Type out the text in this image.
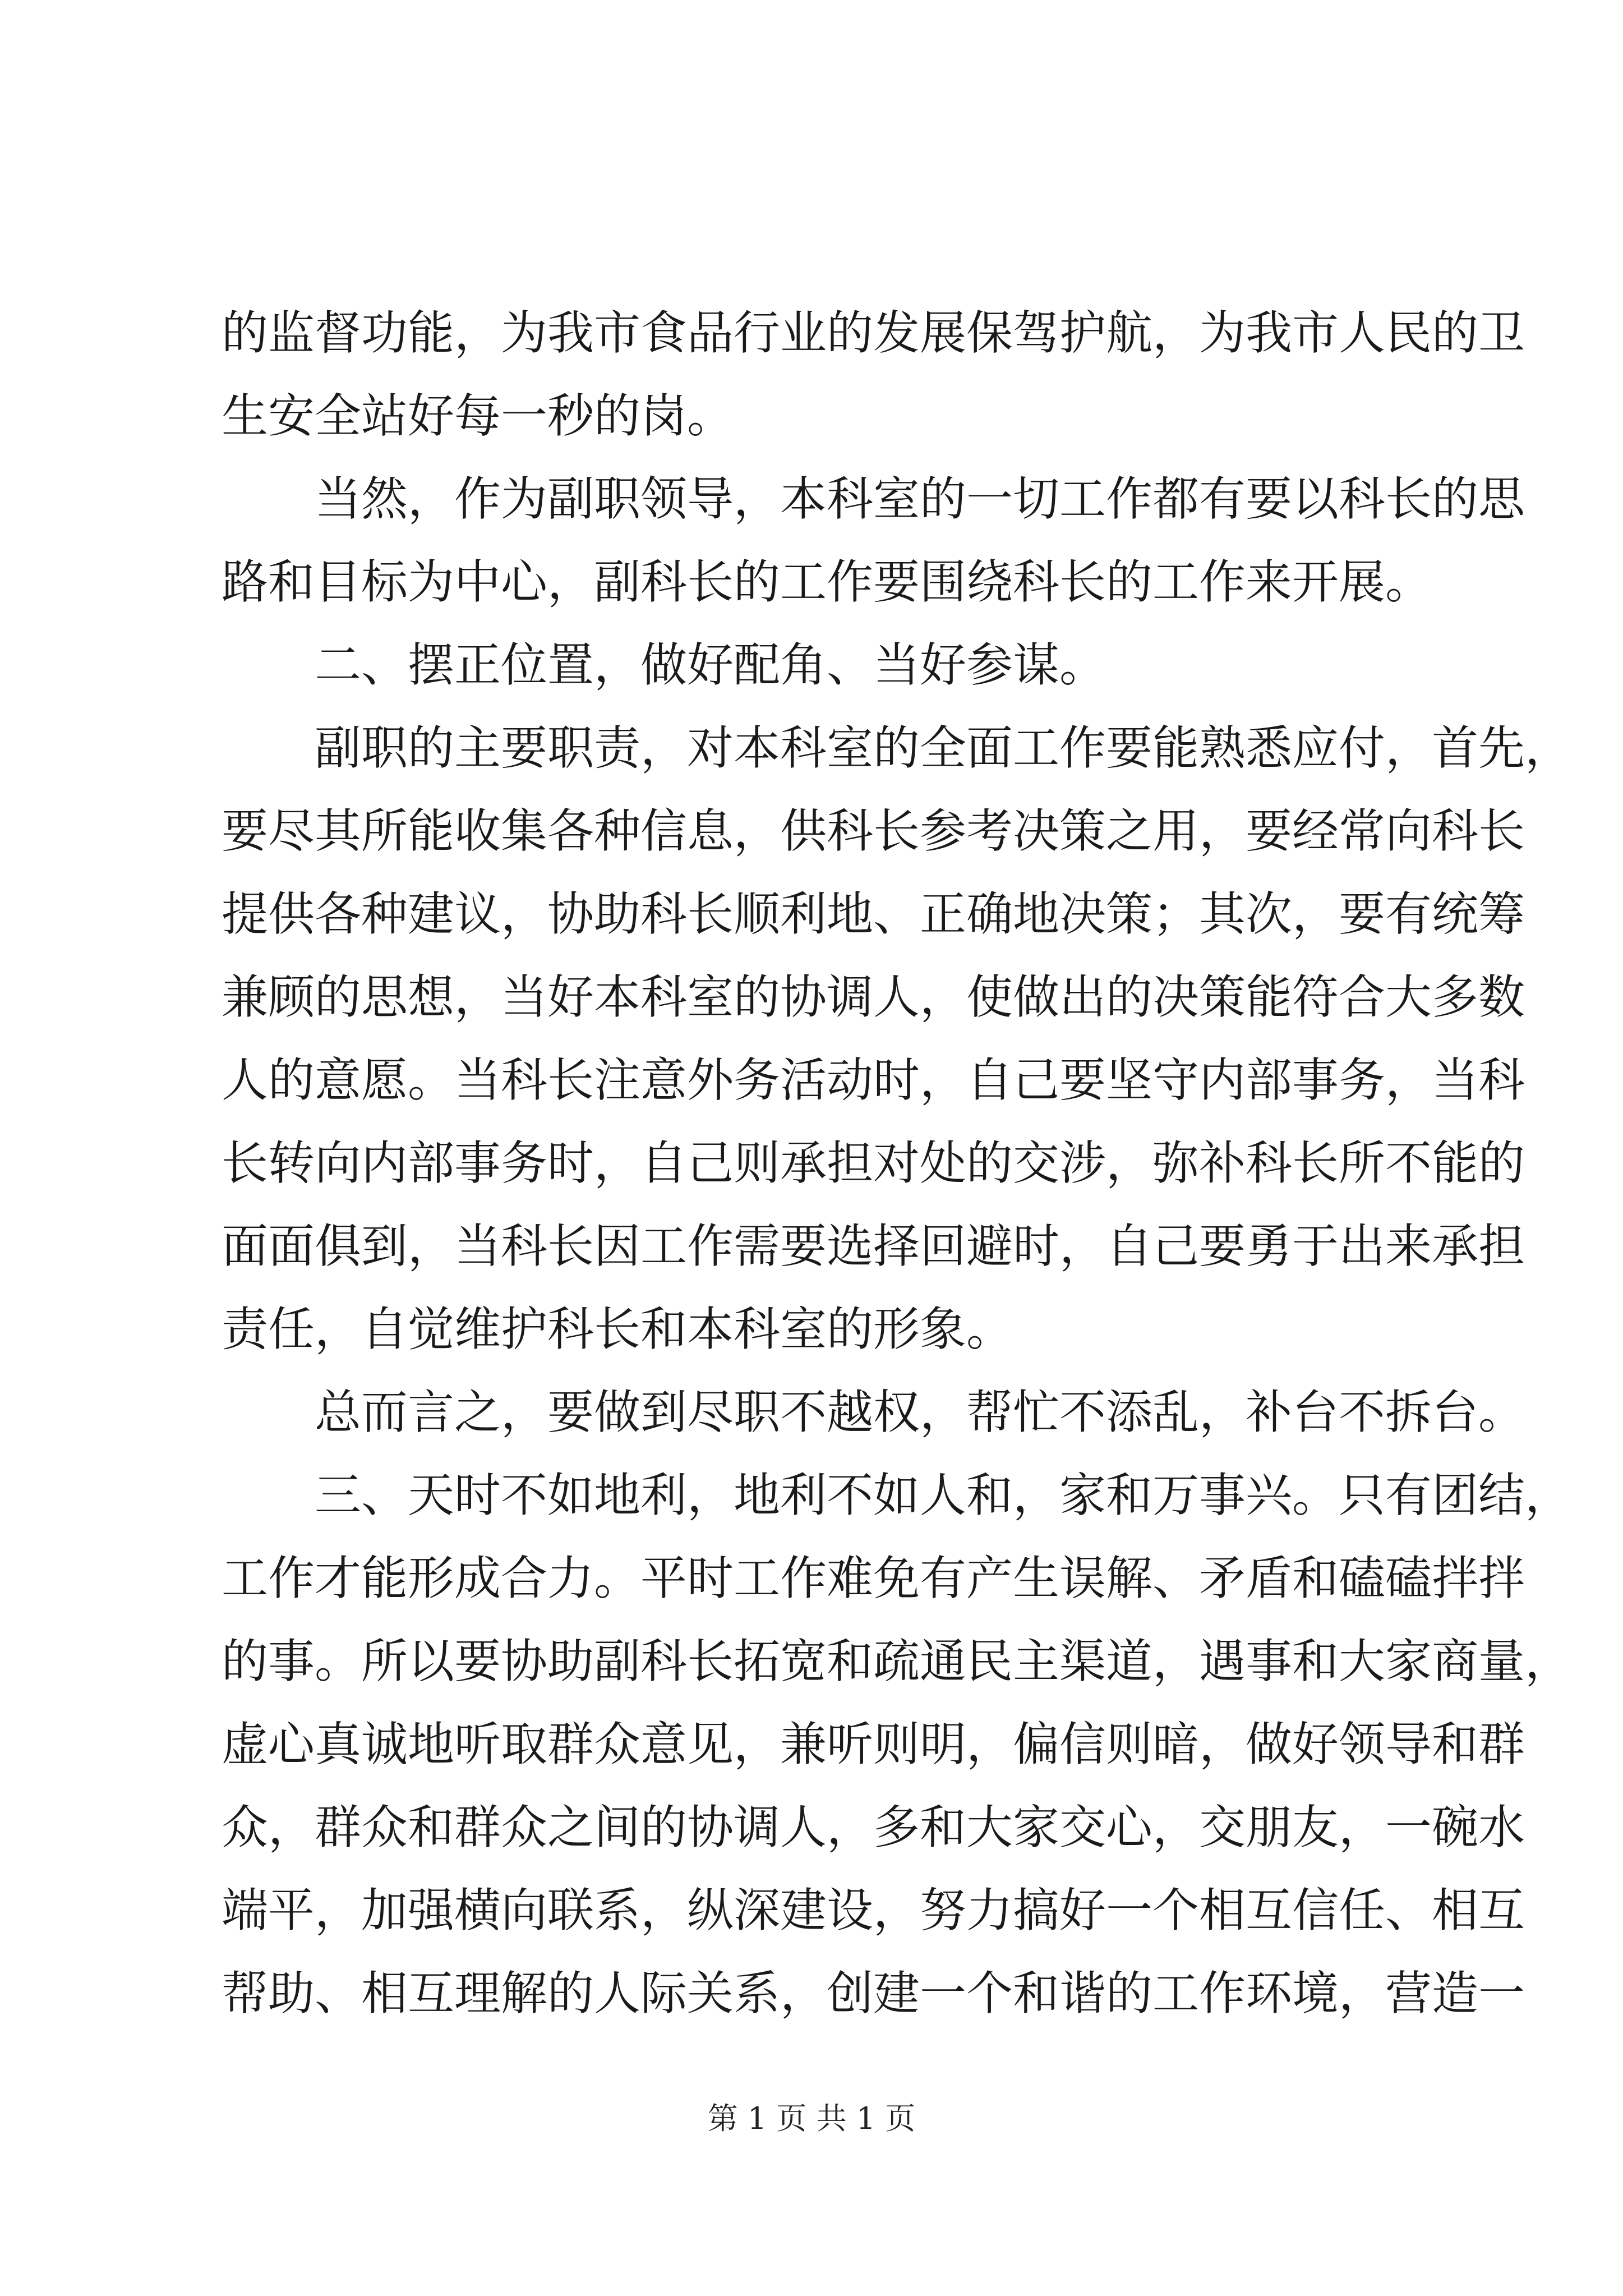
的监督功能，为我市食品行业的发展保驾护航，为我市人民的卫
生安全站好每一秒的岗。
当然，作为副职领导，本科室的一切工作都有要以科长的思
路和目标为中心，副科长的工作要围绕科长的工作来开展。
二、摆正位置，做好配角、当好参谋。
副职的主要职责，对本科室的全面工作要能熟悉应付，首先，
要尽其所能收集各种信息，供科长参考决策之用，要经常向科长
提供各种建议，协助科长顺利地、正确地决策；其次，要有统筹
兼顾的思想，当好本科室的协调人，使做出的决策能符合大多数
人的意愿。当科长注意外务活动时，自己要坚守内部事务，当科
长转向内部事务时，自己则承担对处的交涉，弥补科长所不能的
面面俱到，当科长因工作需要选择回避时，自己要勇于出来承担
责任，自觉维护科长和本科室的形象。
总而言之，要做到尽职不越权，帮忙不添乱，补台不拆台。
三、天时不如地利，地利不如人和，家和万事兴。只有团结，
工作才能形成合力。平时工作难免有产生误解、矛盾和磕磕拌拌
的事。所以要协助副科长拓宽和疏通民主渠道，遇事和大家商量，
虚心真诚地听取群众意见，兼听则明，偏信则暗，做好领导和群
众，群众和群众之间的协调人，多和大家交心，交朋友，一碗水
端平，加强横向联系，纵深建设，努力搞好一个相互信任、相互
帮助、相互理解的人际关系，创建一个和谐的工作环境，营造一
第 1 页 共 1 页
